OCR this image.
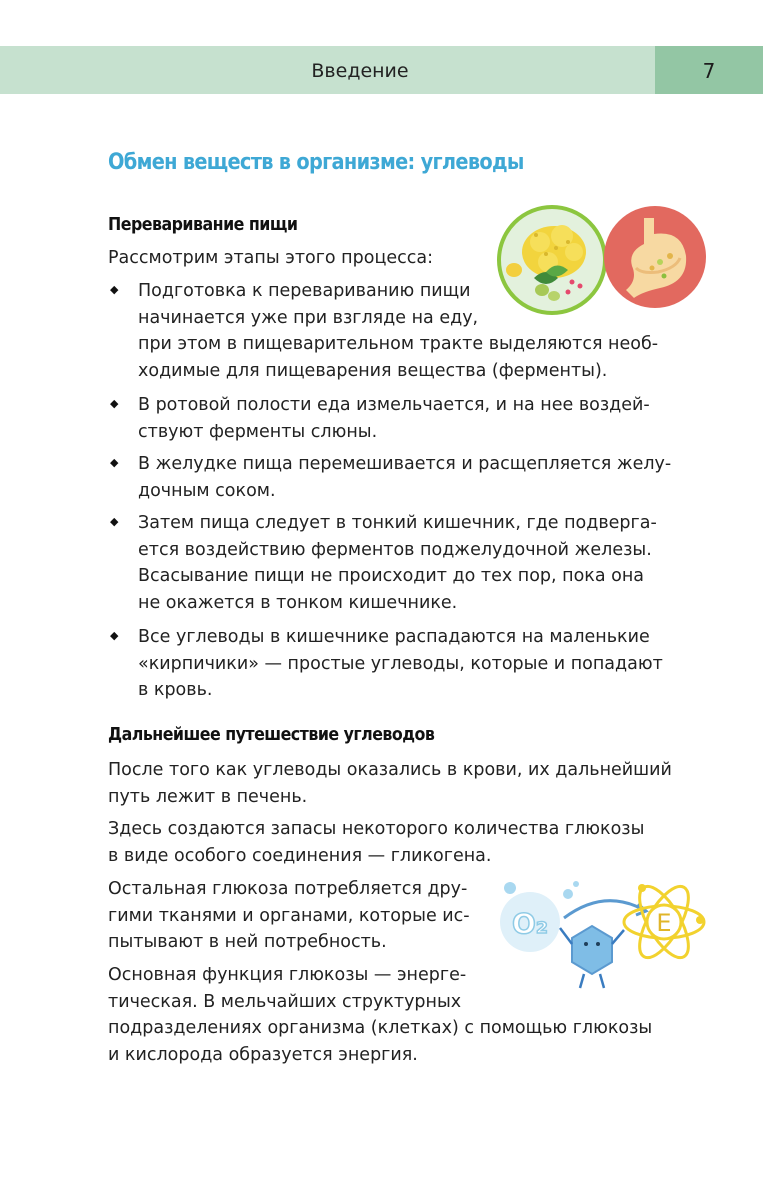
Введение	7
Обмен веществ в организме: углеводы
Переваривание пищи
Рассмотрим этапы этого процесса:
◆ Подготовка к перевариванию пищи
начинается уже при взгляде на еду,
при этом в пищеварительном тракте выделяются необ-
ходимые для пищеварения вещества (ферменты).
◆ В ротовой полости еда измельчается, и на нее воздей-
ствуют ферменты слюны.
◆ В желудке пища перемешивается и расщепляется желу-
дочным соком.
◆ Затем пища следует в тонкий кишечник, где подверга-
ется воздействию ферментов поджелудочной железы.
Всасывание пищи не происходит до тех пор, пока она
не окажется в тонком кишечнике.
◆ Все углеводы в кишечнике распадаются на маленькие
«кирпичики» — простые углеводы, которые и попадают
в кровь.
Дальнейшее путешествие углеводов
После того как углеводы оказались в крови, их дальнейший
путь лежит в печень.
Здесь создаются запасы некоторого количества глюкозы
в виде особого соединения — гликогена.
Остальная глюкоза потребляется дру-
гими тканями и органами, которые ис-
пытывают в ней потребность.
Основная функция глюкозы — энерге-
тическая. В мельчайших структурных
подразделениях организма (клетках) с помощью глюкозы
и кислорода образуется энергия.
O₂	E
